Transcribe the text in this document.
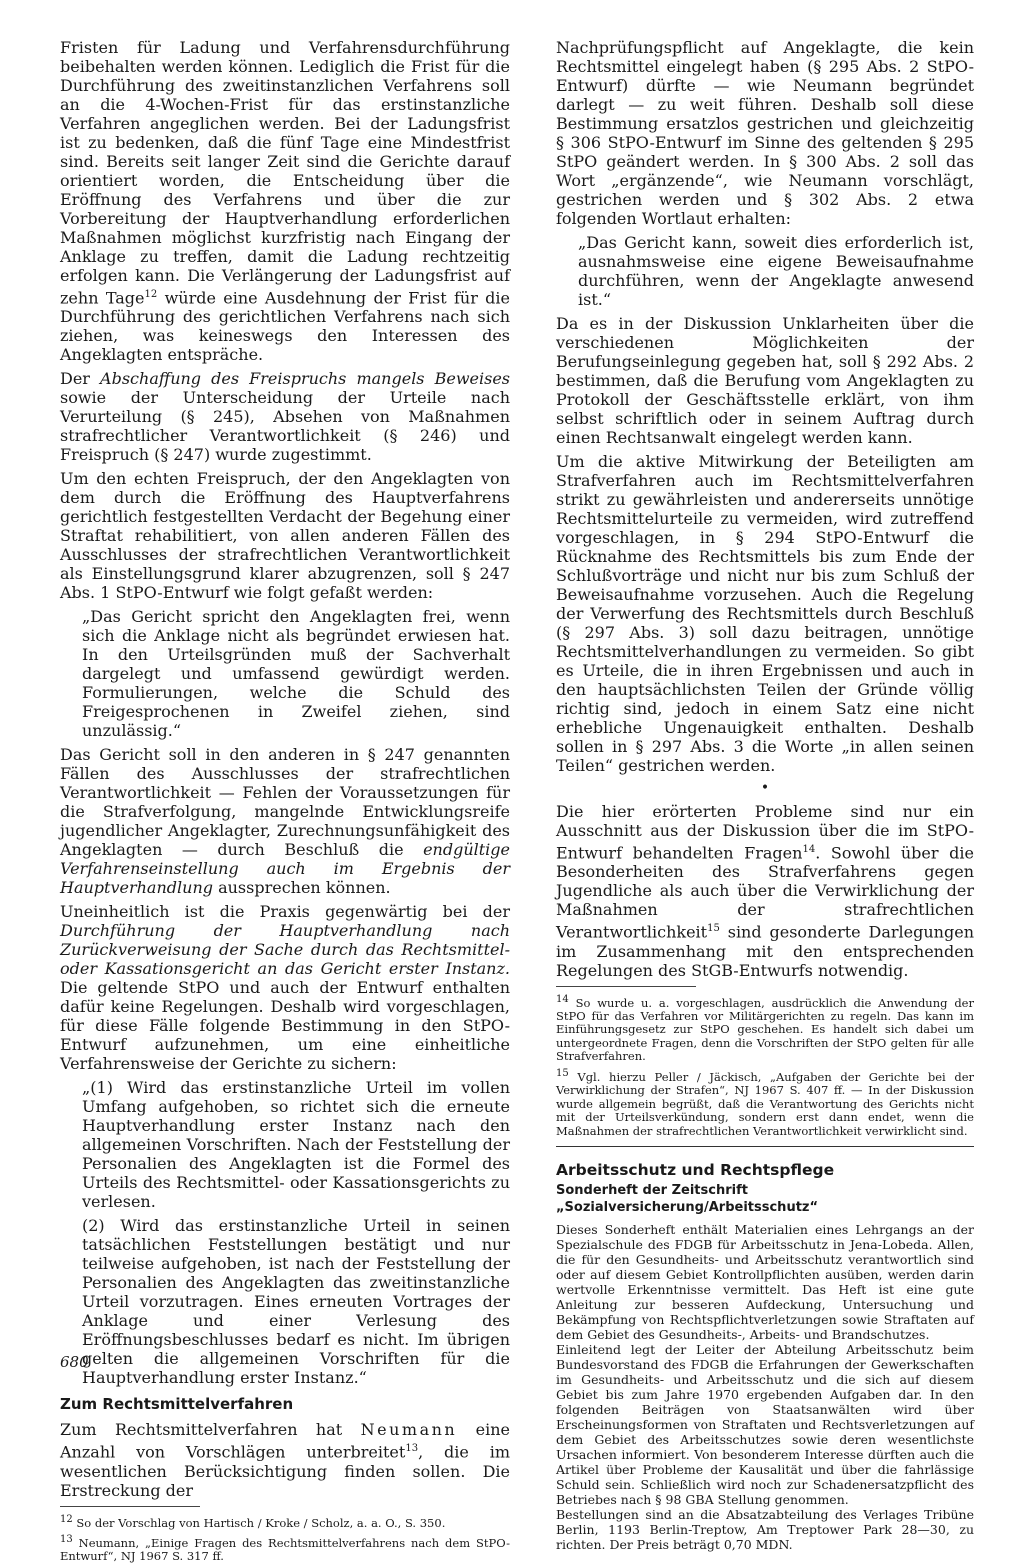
Fristen für Ladung und Verfahrensdurchführung beibehalten werden können. Lediglich die Frist für die Durchführung des zweitinstanzlichen Verfahrens soll an die 4-Wochen-Frist für das erstinstanzliche Verfahren angeglichen werden. Bei der Ladungsfrist ist zu bedenken, daß die fünf Tage eine Mindestfrist sind. Bereits seit langer Zeit sind die Gerichte darauf orientiert worden, die Entscheidung über die Eröffnung des Verfahrens und über die zur Vorbereitung der Hauptverhandlung erforderlichen Maßnahmen möglichst kurzfristig nach Eingang der Anklage zu treffen, damit die Ladung rechtzeitig erfolgen kann. Die Verlängerung der Ladungsfrist auf zehn Tage$^{12}$ würde eine Ausdehnung der Frist für die Durchführung des gerichtlichen Verfahrens nach sich ziehen, was keineswegs den Interessen des Angeklagten entspräche.

Der Abschaffung des Freispruchs mangels Beweises sowie der Unterscheidung der Urteile nach Verurteilung (§ 245), Absehen von Maßnahmen strafrechtlicher Verantwortlichkeit (§ 246) und Freispruch (§ 247) wurde zugestimmt.

Um den echten Freispruch, der den Angeklagten von dem durch die Eröffnung des Hauptverfahrens gerichtlich festgestellten Verdacht der Begehung einer Straftat rehabilitiert, von allen anderen Fällen des Ausschlusses der strafrechtlichen Verantwortlichkeit als Einstellungsgrund klarer abzugrenzen, soll § 247 Abs. 1 StPO-Entwurf wie folgt gefaßt werden:

„Das Gericht spricht den Angeklagten frei, wenn sich die Anklage nicht als begründet erwiesen hat. In den Urteilsgründen muß der Sachverhalt dargelegt und umfassend gewürdigt werden. Formulierungen, welche die Schuld des Freigesprochenen in Zweifel ziehen, sind unzulässig.“

Das Gericht soll in den anderen in § 247 genannten Fällen des Ausschlusses der strafrechtlichen Verantwortlichkeit — Fehlen der Voraussetzungen für die Strafverfolgung, mangelnde Entwicklungsreife jugendlicher Angeklagter, Zurechnungsunfähigkeit des Angeklagten — durch Beschluß die endgültige Verfahrenseinstellung auch im Ergebnis der Hauptverhandlung aussprechen können.

Uneinheitlich ist die Praxis gegenwärtig bei der Durchführung der Hauptverhandlung nach Zurückverweisung der Sache durch das Rechtsmittel- oder Kassationsgericht an das Gericht erster Instanz. Die geltende StPO und auch der Entwurf enthalten dafür keine Regelungen. Deshalb wird vorgeschlagen, für diese Fälle folgende Bestimmung in den StPO-Entwurf aufzunehmen, um eine einheitliche Verfahrensweise der Gerichte zu sichern:

„(1) Wird das erstinstanzliche Urteil im vollen Umfang aufgehoben, so richtet sich die erneute Hauptverhandlung erster Instanz nach den allgemeinen Vorschriften. Nach der Feststellung der Personalien des Angeklagten ist die Formel des Urteils des Rechtsmittel- oder Kassationsgerichts zu verlesen.

(2) Wird das erstinstanzliche Urteil in seinen tatsächlichen Feststellungen bestätigt und nur teilweise aufgehoben, ist nach der Feststellung der Personalien des Angeklagten das zweitinstanzliche Urteil vorzutragen. Eines erneuten Vortrages der Anklage und einer Verlesung des Eröffnungsbeschlusses bedarf es nicht. Im übrigen gelten die allgemeinen Vorschriften für die Hauptverhandlung erster Instanz.“

Zum Rechtsmittelverfahren

Zum Rechtsmittelverfahren hat Neumann eine Anzahl von Vorschlägen unterbreitet$^{13}$, die im wesentlichen Berücksichtigung finden sollen. Die Erstreckung der

$^{12}$ So der Vorschlag von Hartisch / Kroke / Scholz, a. a. O., S. 350.

$^{13}$ Neumann, „Einige Fragen des Rechtsmittelverfahrens nach dem StPO-Entwurf“, NJ 1967 S. 317 ff.

Nachprüfungspflicht auf Angeklagte, die kein Rechtsmittel eingelegt haben (§ 295 Abs. 2 StPO-Entwurf) dürfte — wie Neumann begründet darlegt — zu weit führen. Deshalb soll diese Bestimmung ersatzlos gestrichen und gleichzeitig § 306 StPO-Entwurf im Sinne des geltenden § 295 StPO geändert werden. In § 300 Abs. 2 soll das Wort „ergänzende“, wie Neumann vorschlägt, gestrichen werden und § 302 Abs. 2 etwa folgenden Wortlaut erhalten:

„Das Gericht kann, soweit dies erforderlich ist, ausnahmsweise eine eigene Beweisaufnahme durchführen, wenn der Angeklagte anwesend ist.“

Da es in der Diskussion Unklarheiten über die verschiedenen Möglichkeiten der Berufungseinlegung gegeben hat, soll § 292 Abs. 2 bestimmen, daß die Berufung vom Angeklagten zu Protokoll der Geschäftsstelle erklärt, von ihm selbst schriftlich oder in seinem Auftrag durch einen Rechtsanwalt eingelegt werden kann.

Um die aktive Mitwirkung der Beteiligten am Strafverfahren auch im Rechtsmittelverfahren strikt zu gewährleisten und andererseits unnötige Rechtsmittelurteile zu vermeiden, wird zutreffend vorgeschlagen, in § 294 StPO-Entwurf die Rücknahme des Rechtsmittels bis zum Ende der Schlußvorträge und nicht nur bis zum Schluß der Beweisaufnahme vorzusehen. Auch die Regelung der Verwerfung des Rechtsmittels durch Beschluß (§ 297 Abs. 3) soll dazu beitragen, unnötige Rechtsmittelverhandlungen zu vermeiden. So gibt es Urteile, die in ihren Ergebnissen und auch in den hauptsächlichsten Teilen der Gründe völlig richtig sind, jedoch in einem Satz eine nicht erhebliche Ungenauigkeit enthalten. Deshalb sollen in § 297 Abs. 3 die Worte „in allen seinen Teilen“ gestrichen werden.

•

Die hier erörterten Probleme sind nur ein Ausschnitt aus der Diskussion über die im StPO-Entwurf behandelten Fragen$^{14}$. Sowohl über die Besonderheiten des Strafverfahrens gegen Jugendliche als auch über die Verwirklichung der Maßnahmen der strafrechtlichen Verantwortlichkeit$^{15}$ sind gesonderte Darlegungen im Zusammenhang mit den entsprechenden Regelungen des StGB-Entwurfs notwendig.

$^{14}$ So wurde u. a. vorgeschlagen, ausdrücklich die Anwendung der StPO für das Verfahren vor Militärgerichten zu regeln. Das kann im Einführungsgesetz zur StPO geschehen. Es handelt sich dabei um untergeordnete Fragen, denn die Vorschriften der StPO gelten für alle Strafverfahren.

$^{15}$ Vgl. hierzu Peller / Jäckisch, „Aufgaben der Gerichte bei der Verwirklichung der Strafen“, NJ 1967 S. 407 ff. — In der Diskussion wurde allgemein begrüßt, daß die Verantwortung des Gerichts nicht mit der Urteilsverkündung, sondern erst dann endet, wenn die Maßnahmen der strafrechtlichen Verantwortlichkeit verwirklicht sind.

Arbeitsschutz und Rechtspflege
Sonderheft der Zeitschrift
„Sozialversicherung/Arbeitsschutz“

Dieses Sonderheft enthält Materialien eines Lehrgangs an der Spezialschule des FDGB für Arbeitsschutz in Jena-Lobeda. Allen, die für den Gesundheits- und Arbeitsschutz verantwortlich sind oder auf diesem Gebiet Kontrollpflichten ausüben, werden darin wertvolle Erkenntnisse vermittelt. Das Heft ist eine gute Anleitung zur besseren Aufdeckung, Untersuchung und Bekämpfung von Rechtspflichtverletzungen sowie Straftaten auf dem Gebiet des Gesundheits-, Arbeits- und Brandschutzes.

Einleitend legt der Leiter der Abteilung Arbeitsschutz beim Bundesvorstand des FDGB die Erfahrungen der Gewerkschaften im Gesundheits- und Arbeitsschutz und die sich auf diesem Gebiet bis zum Jahre 1970 ergebenden Aufgaben dar. In den folgenden Beiträgen von Staatsanwälten wird über Erscheinungsformen von Straftaten und Rechtsverletzungen auf dem Gebiet des Arbeitsschutzes sowie deren wesentlichste Ursachen informiert. Von besonderem Interesse dürften auch die Artikel über Probleme der Kausalität und über die fahrlässige Schuld sein. Schließlich wird noch zur Schadenersatzpflicht des Betriebes nach § 98 GBA Stellung genommen.

Bestellungen sind an die Absatzabteilung des Verlages Tribüne Berlin, 1193 Berlin-Treptow, Am Treptower Park 28—30, zu richten. Der Preis beträgt 0,70 MDN.

680
